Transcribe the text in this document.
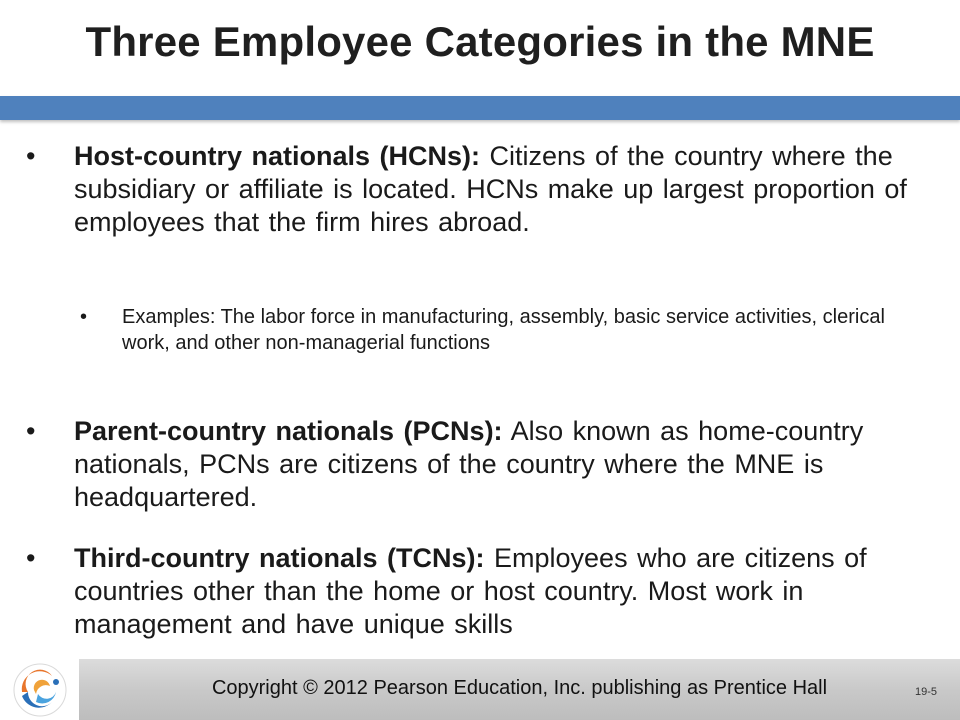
Three Employee Categories in the MNE
• Host-country nationals (HCNs): Citizens of the country where the subsidiary or affiliate is located. HCNs make up largest proportion of employees that the firm hires abroad.
• Examples: The labor force in manufacturing, assembly, basic service activities, clerical work, and other non-managerial functions
• Parent-country nationals (PCNs): Also known as home-country nationals, PCNs are citizens of the country where the MNE is headquartered.
• Third-country nationals (TCNs): Employees who are citizens of countries other than the home or host country. Most work in management and have unique skills
Copyright © 2012 Pearson Education, Inc. publishing as Prentice Hall	19-5
